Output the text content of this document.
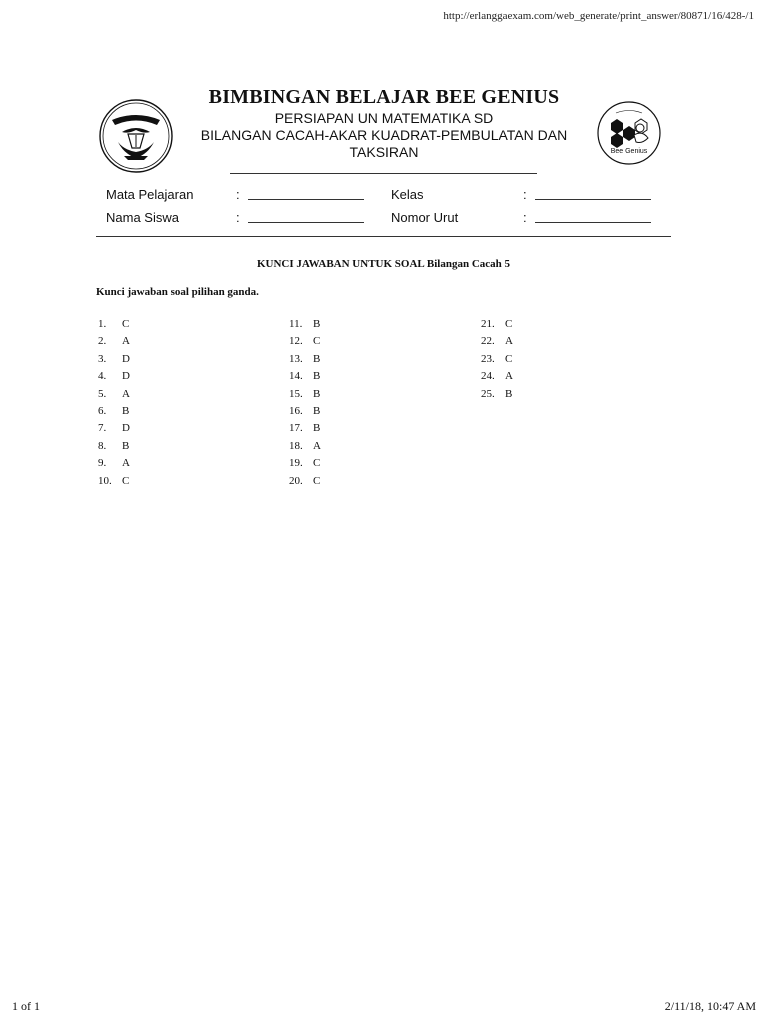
http://erlanggaexam.com/web_generate/print_answer/80871/16/428-/1
Bee Genius
BIMBINGAN BELAJAR BEE GENIUS
PERSIAPAN UN MATEMATIKA SD
BILANGAN CACAH-AKAR KUADRAT-PEMBULATAN DAN TAKSIRAN
Mata Pelajaran	:		Kelas	:	
Nama Siswa	:		Nomor Urut	:	
KUNCI JAWABAN UNTUK SOAL Bilangan Cacah 5
Kunci jawaban soal pilihan ganda.
1. C
2. A
3. D
4. D
5. A
6. B
7. D
8. B
9. A
10. C
11. B
12. C
13. B
14. B
15. B
16. B
17. B
18. A
19. C
20. C
21. C
22. A
23. C
24. A
25. B
1 of 1	2/11/18, 10:47 AM
